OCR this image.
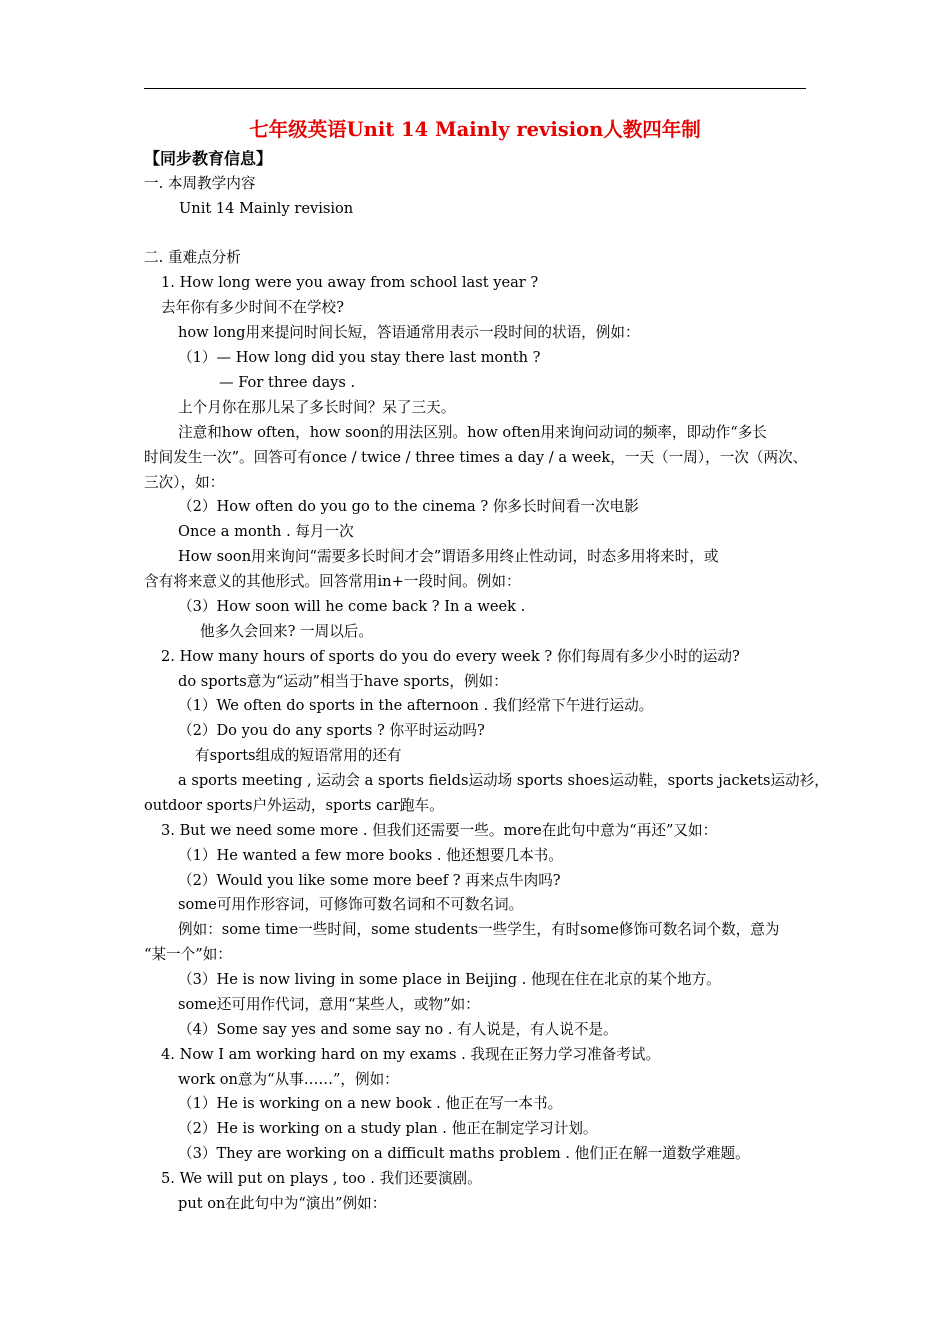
七年级英语Unit 14 Mainly revision人教四年制
【同步教育信息】
一. 本周教学内容
Unit 14 Mainly revision
二. 重难点分析
1. How long were you away from school last year ?
去年你有多少时间不在学校?
how long用来提问时间长短，答语通常用表示一段时间的状语，例如：
（1）— How long did you stay there last month ?
— For three days .
上个月你在那儿呆了多长时间？呆了三天。
注意和how often，how soon的用法区别。how often用来询问动词的频率，即动作“多长
时间发生一次”。回答可有once / twice / three times a day / a week，一天（一周），一次（两次、
三次），如：
（2）How often do you go to the cinema ? 你多长时间看一次电影
Once a month . 每月一次
How soon用来询问“需要多长时间才会”谓语多用终止性动词，时态多用将来时，或
含有将来意义的其他形式。回答常用in+一段时间。例如：
（3）How soon will he come back ? In a week .
他多久会回来? 一周以后。
2. How many hours of sports do you do every week ? 你们每周有多少小时的运动?
do sports意为“运动”相当于have sports，例如：
（1）We often do sports in the afternoon . 我们经常下午进行运动。
（2）Do you do any sports ? 你平时运动吗?
有sports组成的短语常用的还有
a sports meeting , 运动会 a sports fields运动场 sports shoes运动鞋，sports jackets运动衫，
outdoor sports户外运动，sports car跑车。
3. But we need some more . 但我们还需要一些。more在此句中意为“再还”又如：
（1）He wanted a few more books . 他还想要几本书。
（2）Would you like some more beef ? 再来点牛肉吗?
some可用作形容词，可修饰可数名词和不可数名词。
例如：some time一些时间，some students一些学生，有时some修饰可数名词个数，意为
“某一个”如：
（3）He is now living in some place in Beijing . 他现在住在北京的某个地方。
some还可用作代词，意用“某些人，或物”如：
（4）Some say yes and some say no . 有人说是，有人说不是。
4. Now I am working hard on my exams . 我现在正努力学习准备考试。
work on意为“从事……”，例如：
（1）He is working on a new book . 他正在写一本书。
（2）He is working on a study plan . 他正在制定学习计划。
（3）They are working on a difficult maths problem . 他们正在解一道数学难题。
5. We will put on plays , too . 我们还要演剧。
put on在此句中为“演出”例如：
